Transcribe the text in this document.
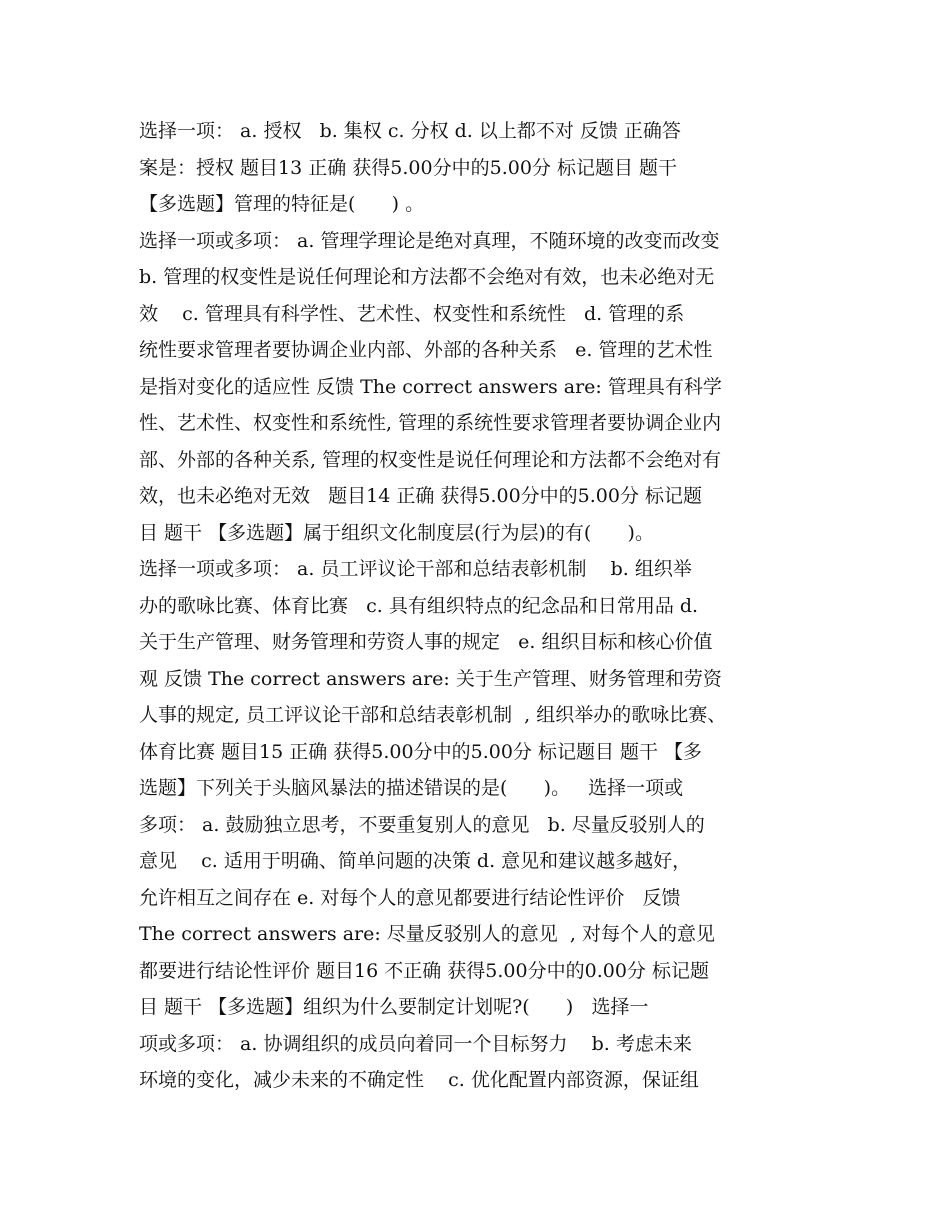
选择一项： a. 授权   b. 集权 c. 分权 d. 以上都不对 反馈 正确答
案是：授权 题目13 正确 获得5.00分中的5.00分 标记题目 题干
【多选题】管理的特征是(      ) 。
选择一项或多项： a. 管理学理论是绝对真理，不随环境的改变而改变
b. 管理的权变性是说任何理论和方法都不会绝对有效，也未必绝对无
效    c. 管理具有科学性、艺术性、权变性和系统性   d. 管理的系
统性要求管理者要协调企业内部、外部的各种关系   e. 管理的艺术性
是指对变化的适应性 反馈 The correct answers are: 管理具有科学
性、艺术性、权变性和系统性, 管理的系统性要求管理者要协调企业内
部、外部的各种关系, 管理的权变性是说任何理论和方法都不会绝对有
效，也未必绝对无效   题目14 正确 获得5.00分中的5.00分 标记题
目 题干 【多选题】属于组织文化制度层(行为层)的有(      )。
选择一项或多项： a. 员工评议论干部和总结表彰机制    b. 组织举
办的歌咏比赛、体育比赛   c. 具有组织特点的纪念品和日常用品 d.
关于生产管理、财务管理和劳资人事的规定   e. 组织目标和核心价值
观 反馈 The correct answers are: 关于生产管理、财务管理和劳资
人事的规定, 员工评议论干部和总结表彰机制  , 组织举办的歌咏比赛、
体育比赛 题目15 正确 获得5.00分中的5.00分 标记题目 题干 【多
选题】下列关于头脑风暴法的描述错误的是(      )。   选择一项或
多项： a. 鼓励独立思考，不要重复别人的意见   b. 尽量反驳别人的
意见    c. 适用于明确、简单问题的决策 d. 意见和建议越多越好，
允许相互之间存在 e. 对每个人的意见都要进行结论性评价   反馈
The correct answers are: 尽量反驳别人的意见  , 对每个人的意见
都要进行结论性评价 题目16 不正确 获得5.00分中的0.00分 标记题
目 题干 【多选题】组织为什么要制定计划呢?(      )   选择一
项或多项： a. 协调组织的成员向着同一个目标努力    b. 考虑未来
环境的变化，减少未来的不确定性    c. 优化配置内部资源，保证组
